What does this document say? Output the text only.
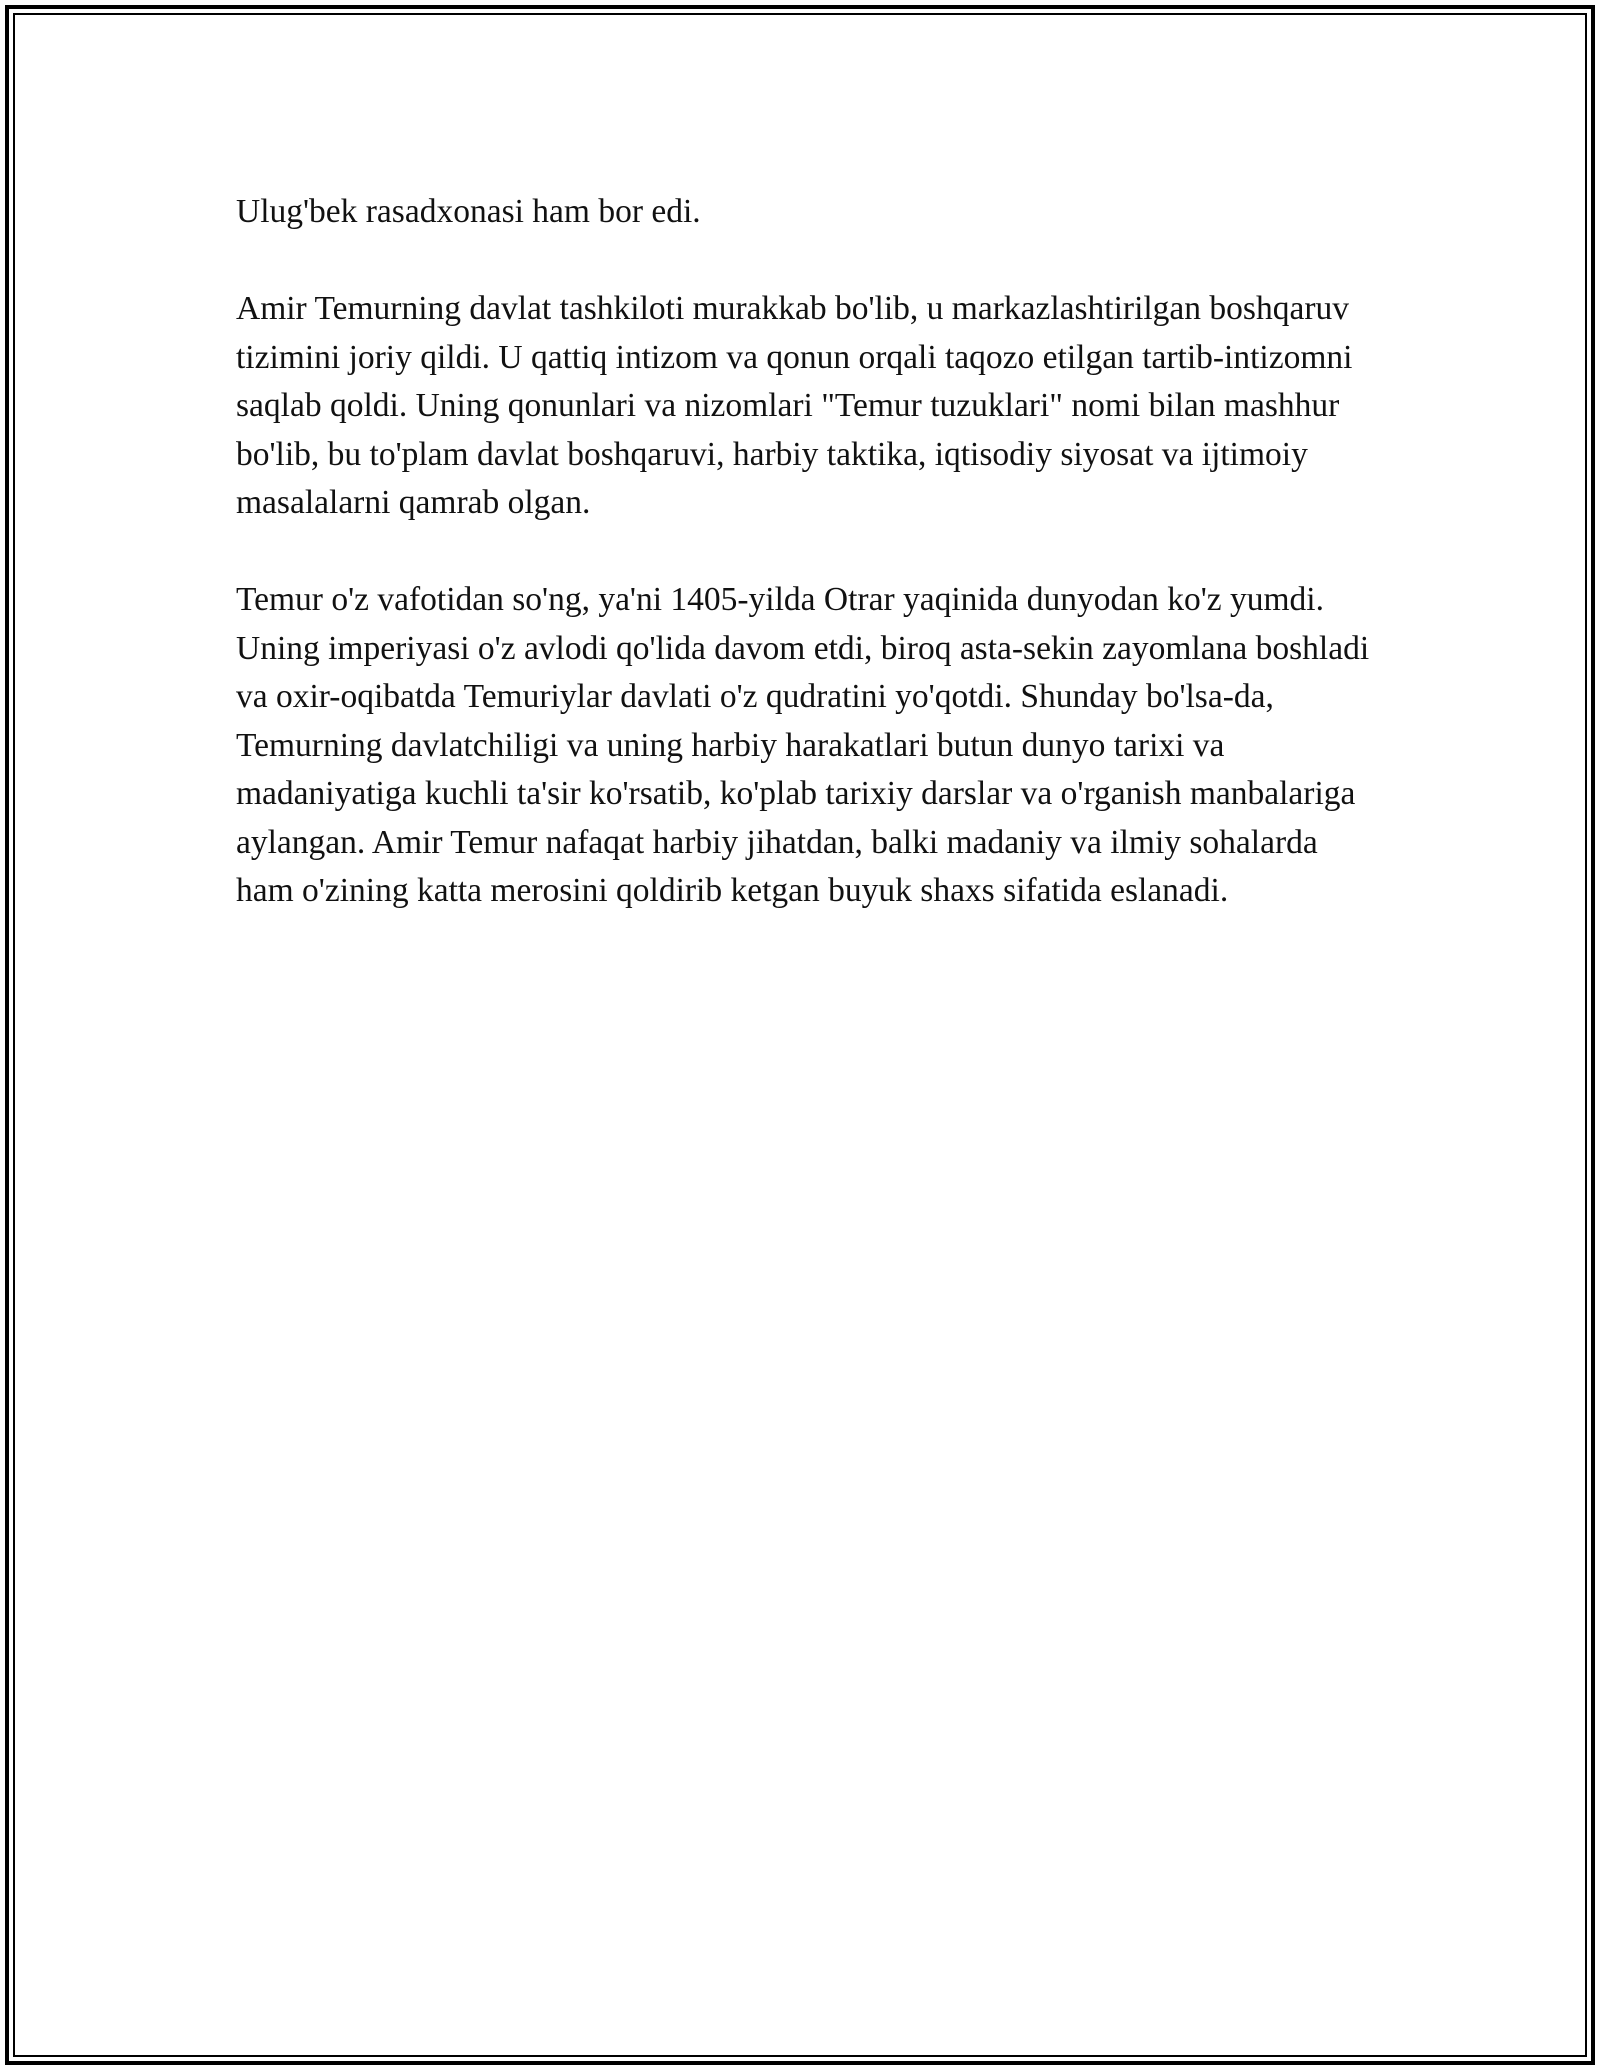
Ulug'bek rasadxonasi ham bor edi.

Amir Temurning davlat tashkiloti murakkab bo'lib, u markazlashtirilgan boshqaruv tizimini joriy qildi. U qattiq intizom va qonun orqali taqozo etilgan tartib-intizomni saqlab qoldi. Uning qonunlari va nizomlari "Temur tuzuklari" nomi bilan mashhur bo'lib, bu to'plam davlat boshqaruvi, harbiy taktika, iqtisodiy siyosat va ijtimoiy masalalarni qamrab olgan.

Temur o'z vafotidan so'ng, ya'ni 1405-yilda Otrar yaqinida dunyodan ko'z yumdi. Uning imperiyasi o'z avlodi qo'lida davom etdi, biroq asta-sekin zayomlana boshladi va oxir-oqibatda Temuriylar davlati o'z qudratini yo'qotdi. Shunday bo'lsa-da, Temurning davlatchiligi va uning harbiy harakatlari butun dunyo tarixi va madaniyatiga kuchli ta'sir ko'rsatib, ko'plab tarixiy darslar va o'rganish manbalariga aylangan. Amir Temur nafaqat harbiy jihatdan, balki madaniy va ilmiy sohalarda ham o'zining katta merosini qoldirib ketgan buyuk shaxs sifatida eslanadi.
